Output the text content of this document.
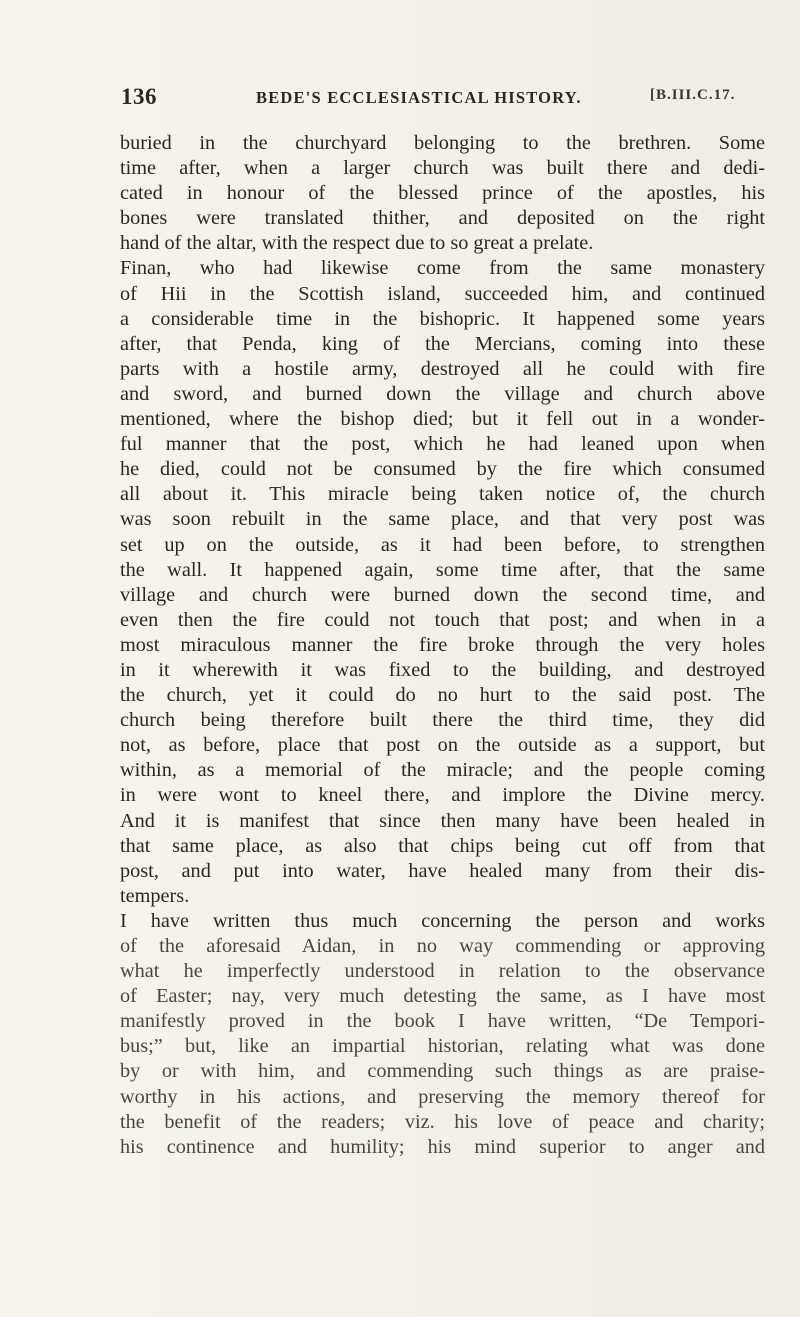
136	BEDE'S ECCLESIASTICAL HISTORY.	[B.III.C.17.
buried in the churchyard belonging to the brethren. Some
time after, when a larger church was built there and dedi-
cated in honour of the blessed prince of the apostles, his
bones were translated thither, and deposited on the right
hand of the altar, with the respect due to so great a prelate.
Finan, who had likewise come from the same monastery
of Hii in the Scottish island, succeeded him, and continued
a considerable time in the bishopric. It happened some years
after, that Penda, king of the Mercians, coming into these
parts with a hostile army, destroyed all he could with fire
and sword, and burned down the village and church above
mentioned, where the bishop died; but it fell out in a wonder-
ful manner that the post, which he had leaned upon when
he died, could not be consumed by the fire which consumed
all about it. This miracle being taken notice of, the church
was soon rebuilt in the same place, and that very post was
set up on the outside, as it had been before, to strengthen
the wall. It happened again, some time after, that the same
village and church were burned down the second time, and
even then the fire could not touch that post; and when in a
most miraculous manner the fire broke through the very holes
in it wherewith it was fixed to the building, and destroyed
the church, yet it could do no hurt to the said post. The
church being therefore built there the third time, they did
not, as before, place that post on the outside as a support, but
within, as a memorial of the miracle; and the people coming
in were wont to kneel there, and implore the Divine mercy.
And it is manifest that since then many have been healed in
that same place, as also that chips being cut off from that
post, and put into water, have healed many from their dis-
tempers.
I have written thus much concerning the person and works
of the aforesaid Aidan, in no way commending or approving
what he imperfectly understood in relation to the observance
of Easter; nay, very much detesting the same, as I have most
manifestly proved in the book I have written, “De Tempori-
bus;” but, like an impartial historian, relating what was done
by or with him, and commending such things as are praise-
worthy in his actions, and preserving the memory thereof for
the benefit of the readers; viz. his love of peace and charity;
his continence and humility; his mind superior to anger and
